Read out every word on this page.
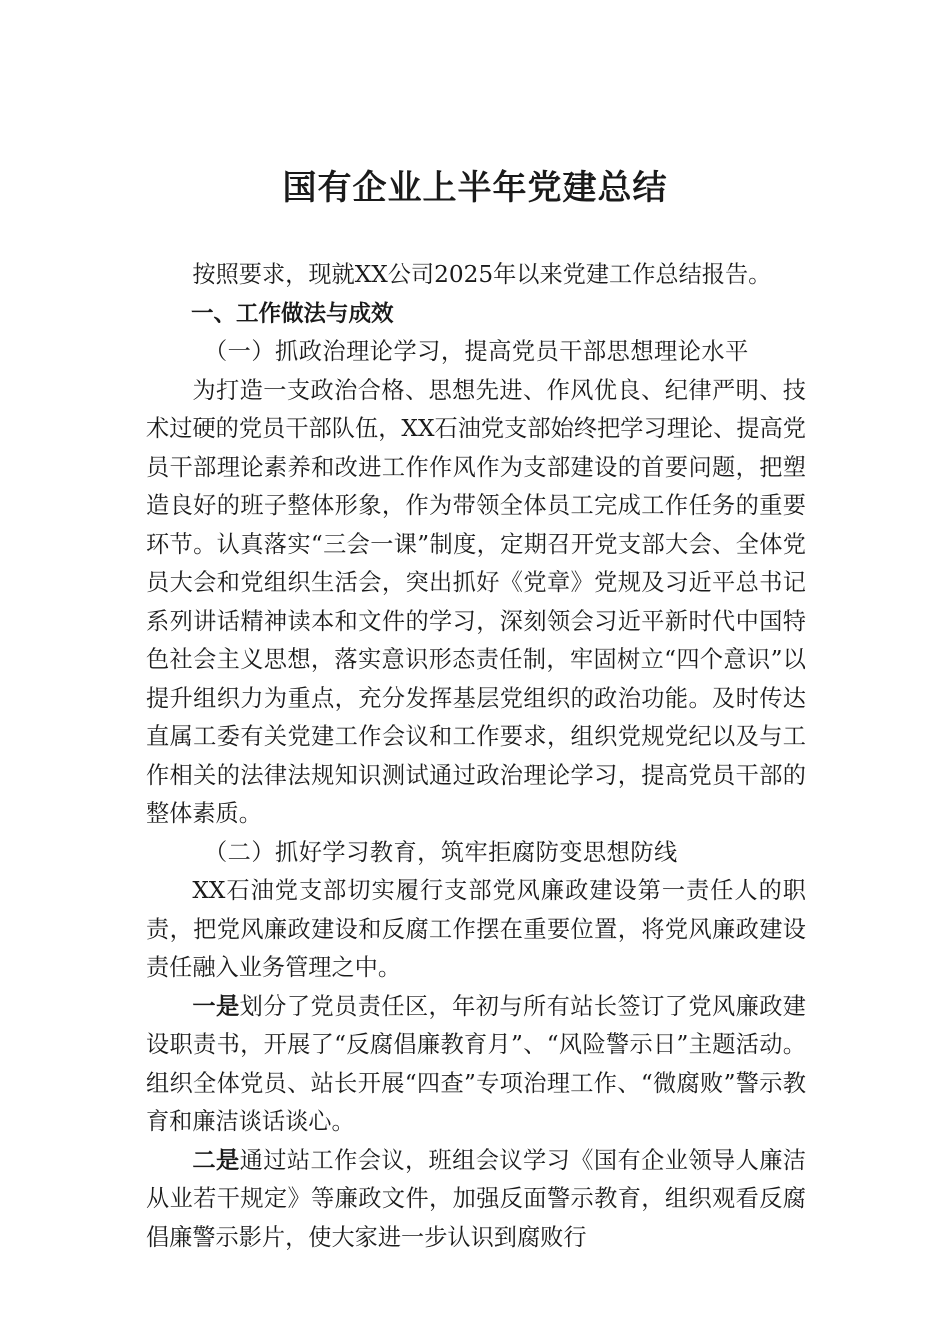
国有企业上半年党建总结

按照要求，现就XX公司2025年以来党建工作总结报告。

一、工作做法与成效

（一）抓政治理论学习，提高党员干部思想理论水平

为打造一支政治合格、思想先进、作风优良、纪律严明、技术过硬的党员干部队伍，XX石油党支部始终把学习理论、提高党员干部理论素养和改进工作作风作为支部建设的首要问题，把塑造良好的班子整体形象，作为带领全体员工完成工作任务的重要环节。认真落实“三会一课”制度，定期召开党支部大会、全体党员大会和党组织生活会，突出抓好《党章》党规及习近平总书记系列讲话精神读本和文件的学习，深刻领会习近平新时代中国特色社会主义思想，落实意识形态责任制，牢固树立“四个意识”以提升组织力为重点，充分发挥基层党组织的政治功能。及时传达直属工委有关党建工作会议和工作要求，组织党规党纪以及与工作相关的法律法规知识测试通过政治理论学习，提高党员干部的整体素质。

（二）抓好学习教育，筑牢拒腐防变思想防线

XX石油党支部切实履行支部党风廉政建设第一责任人的职责，把党风廉政建设和反腐工作摆在重要位置，将党风廉政建设责任融入业务管理之中。

一是划分了党员责任区，年初与所有站长签订了党风廉政建设职责书，开展了“反腐倡廉教育月”、“风险警示日”主题活动。组织全体党员、站长开展“四查”专项治理工作、“微腐败”警示教育和廉洁谈话谈心。

二是通过站工作会议，班组会议学习《国有企业领导人廉洁从业若干规定》等廉政文件，加强反面警示教育，组织观看反腐倡廉警示影片，使大家进一步认识到腐败行
